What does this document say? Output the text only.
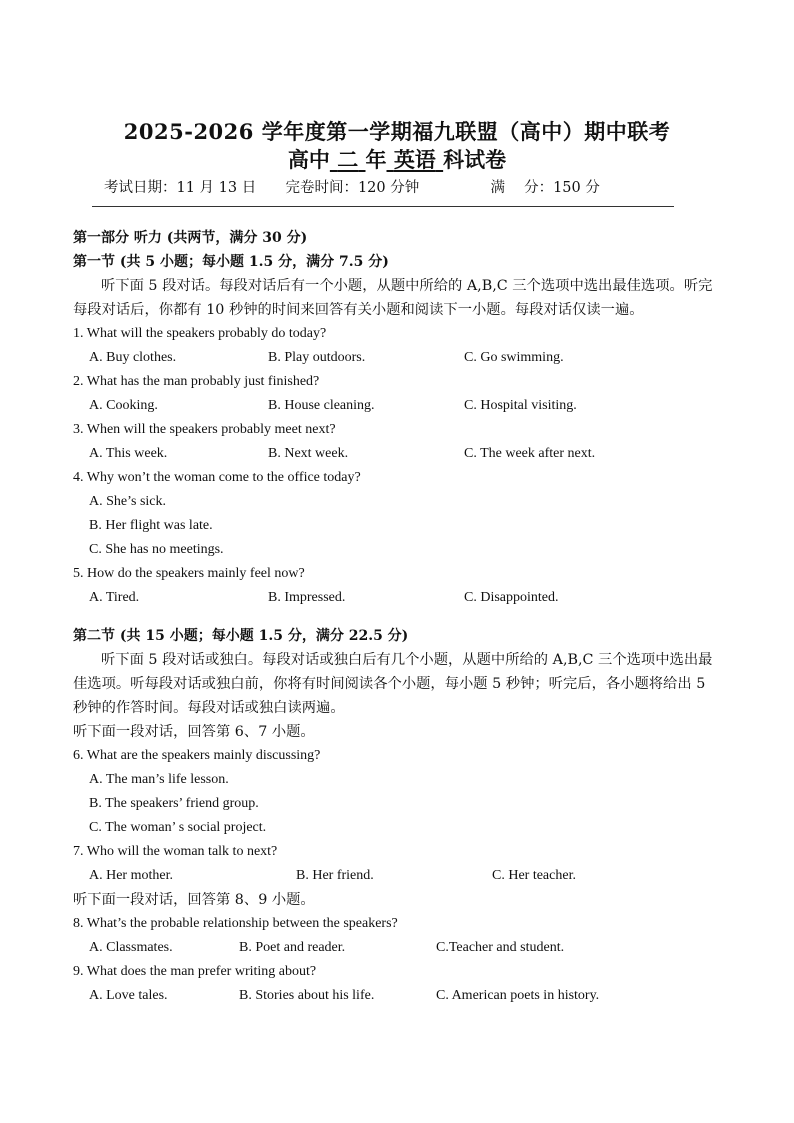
2025-2026 学年度第一学期福九联盟（高中）期中联考
高中 二 年 英语 科试卷
考试日期：11 月 13 日 完卷时间：120 分钟	满　 分：150 分
第一部分 听力 (共两节，满分 30 分)
第一节 (共 5 小题；每小题 1.5 分，满分 7.5 分)
听下面 5 段对话。每段对话后有一个小题，从题中所给的 A,B,C 三个选项中选出最佳选项。听完每段对话后，你都有 10 秒钟的时间来回答有关小题和阅读下一小题。每段对话仅读一遍。
1. What will the speakers probably do today?
A. Buy clothes.	B. Play outdoors.	C. Go swimming.
2. What has the man probably just finished?
A. Cooking.	B. House cleaning.	C. Hospital visiting.
3. When will the speakers probably meet next?
A. This week.	B. Next week.	C. The week after next.
4. Why won’t the woman come to the office today?
A. She’s sick.
B. Her flight was late.
C. She has no meetings.
5. How do the speakers mainly feel now?
A. Tired.	B. Impressed.	C. Disappointed.
第二节 (共 15 小题；每小题 1.5 分，满分 22.5 分)
听下面 5 段对话或独白。每段对话或独白后有几个小题，从题中所给的 A,B,C 三个选项中选出最佳选项。听每段对话或独白前，你将有时间阅读各个小题，每小题 5 秒钟；听完后，各小题将给出 5 秒钟的作答时间。每段对话或独白读两遍。
听下面一段对话，回答第 6、7 小题。
6. What are the speakers mainly discussing?
A. The man’s life lesson.
B. The speakers’ friend group.
C. The woman’ s social project.
7. Who will the woman talk to next?
A. Her mother.	B. Her friend.	C. Her teacher.
听下面一段对话，回答第 8、9 小题。
8. What’s the probable relationship between the speakers?
A. Classmates.	B. Poet and reader.	C.Teacher and student.
9. What does the man prefer writing about?
A. Love tales.	B. Stories about his life.	C. American poets in history.
